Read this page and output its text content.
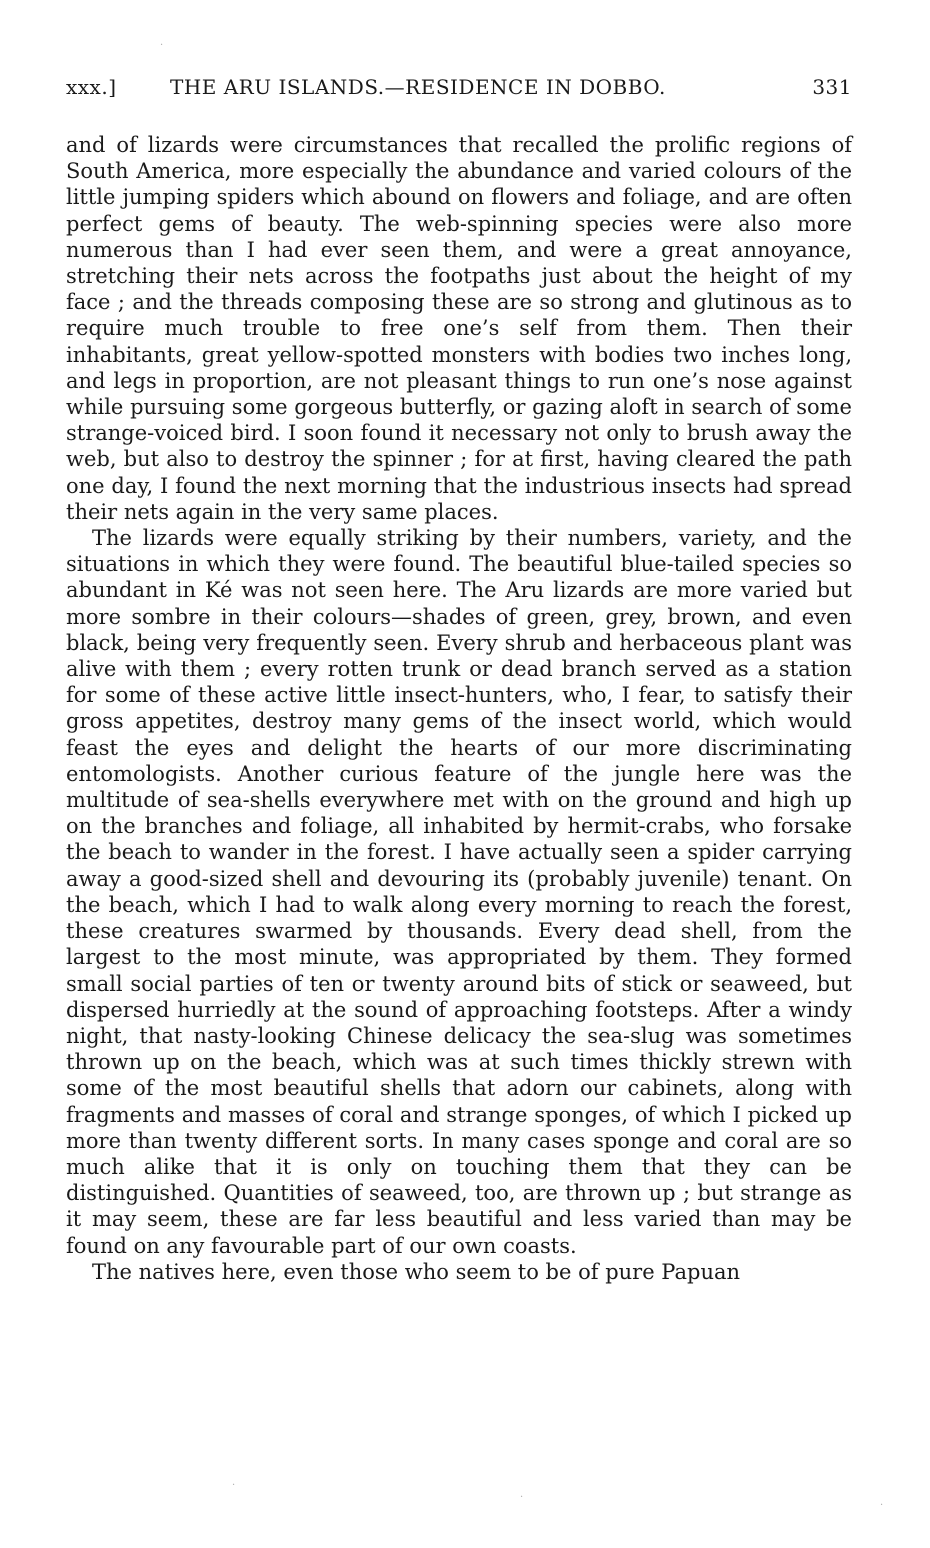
xxx.]	THE ARU ISLANDS.—RESIDENCE IN DOBBO.	331

and of lizards were circumstances that recalled the prolific regions of South America, more especially the abundance and varied colours of the little jumping spiders which abound on flowers and foliage, and are often perfect gems of beauty. The web-spinning species were also more numerous than I had ever seen them, and were a great annoyance, stretching their nets across the footpaths just about the height of my face ; and the threads composing these are so strong and glutinous as to require much trouble to free one’s self from them. Then their inhabitants, great yellow-spotted monsters with bodies two inches long, and legs in proportion, are not pleasant things to run one’s nose against while pursuing some gorgeous butterfly, or gazing aloft in search of some strange-voiced bird. I soon found it necessary not only to brush away the web, but also to destroy the spinner ; for at first, having cleared the path one day, I found the next morning that the industrious insects had spread their nets again in the very same places.

The lizards were equally striking by their numbers, variety, and the situations in which they were found. The beautiful blue-tailed species so abundant in Ké was not seen here. The Aru lizards are more varied but more sombre in their colours—shades of green, grey, brown, and even black, being very frequently seen. Every shrub and herbaceous plant was alive with them ; every rotten trunk or dead branch served as a station for some of these active little insect-hunters, who, I fear, to satisfy their gross appetites, destroy many gems of the insect world, which would feast the eyes and delight the hearts of our more discriminating entomologists. Another curious feature of the jungle here was the multitude of sea-shells everywhere met with on the ground and high up on the branches and foliage, all inhabited by hermit-crabs, who forsake the beach to wander in the forest. I have actually seen a spider carrying away a good-sized shell and devouring its (probably juvenile) tenant. On the beach, which I had to walk along every morning to reach the forest, these creatures swarmed by thousands. Every dead shell, from the largest to the most minute, was appropriated by them. They formed small social parties of ten or twenty around bits of stick or seaweed, but dispersed hurriedly at the sound of approaching footsteps. After a windy night, that nasty-looking Chinese delicacy the sea-slug was sometimes thrown up on the beach, which was at such times thickly strewn with some of the most beautiful shells that adorn our cabinets, along with fragments and masses of coral and strange sponges, of which I picked up more than twenty different sorts. In many cases sponge and coral are so much alike that it is only on touching them that they can be distinguished. Quantities of seaweed, too, are thrown up ; but strange as it may seem, these are far less beautiful and less varied than may be found on any favourable part of our own coasts.

The natives here, even those who seem to be of pure Papuan

·
·
·
·
